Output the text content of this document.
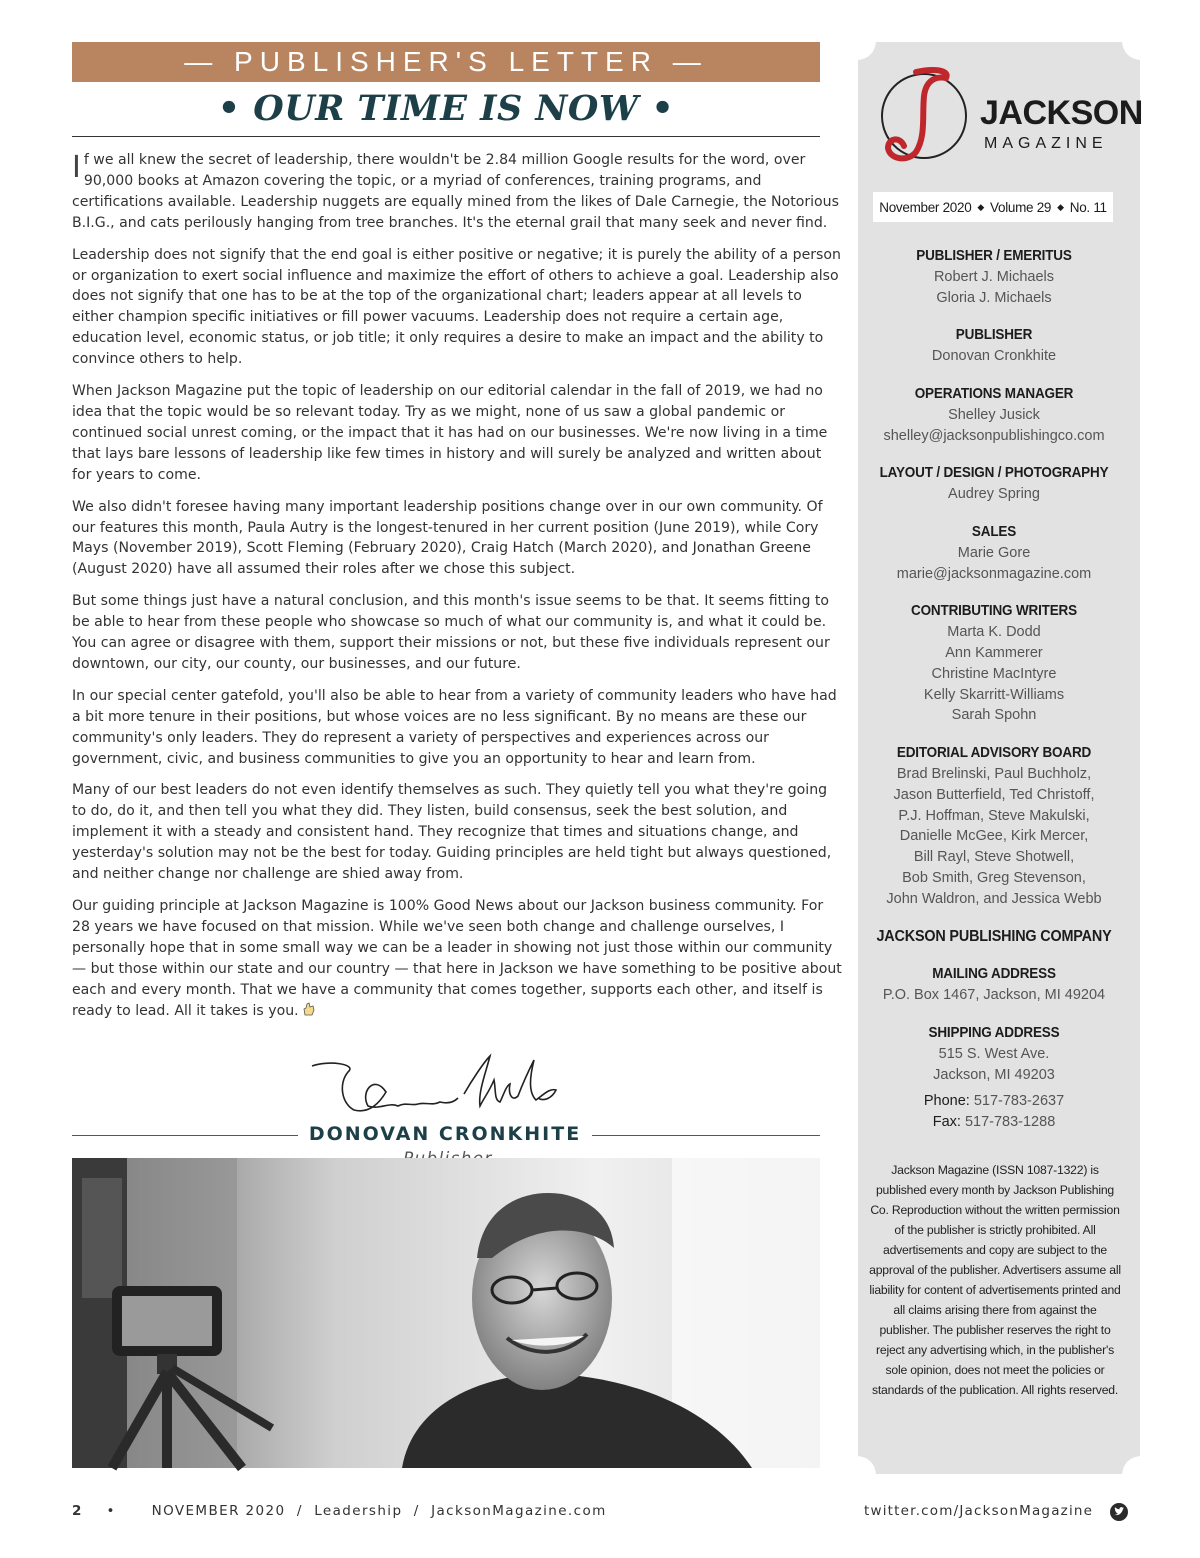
— PUBLISHER'S LETTER —
• OUR TIME IS NOW •

If we all knew the secret of leadership, there wouldn't be 2.84 million Google results for the word, over 90,000 books at Amazon covering the topic, or a myriad of conferences, training programs, and certifications available. Leadership nuggets are equally mined from the likes of Dale Carnegie, the Notorious B.I.G., and cats perilously hanging from tree branches. It's the eternal grail that many seek and never find.

Leadership does not signify that the end goal is either positive or negative; it is purely the ability of a person or organization to exert social influence and maximize the effort of others to achieve a goal. Leadership also does not signify that one has to be at the top of the organizational chart; leaders appear at all levels to either champion specific initiatives or fill power vacuums. Leadership does not require a certain age, education level, economic status, or job title; it only requires a desire to make an impact and the ability to convince others to help.

When Jackson Magazine put the topic of leadership on our editorial calendar in the fall of 2019, we had no idea that the topic would be so relevant today. Try as we might, none of us saw a global pandemic or continued social unrest coming, or the impact that it has had on our businesses. We're now living in a time that lays bare lessons of leadership like few times in history and will surely be analyzed and written about for years to come.

We also didn't foresee having many important leadership positions change over in our own community. Of our features this month, Paula Autry is the longest-tenured in her current position (June 2019), while Cory Mays (November 2019), Scott Fleming (February 2020), Craig Hatch (March 2020), and Jonathan Greene (August 2020) have all assumed their roles after we chose this subject.

But some things just have a natural conclusion, and this month's issue seems to be that. It seems fitting to be able to hear from these people who showcase so much of what our community is, and what it could be. You can agree or disagree with them, support their missions or not, but these five individuals represent our downtown, our city, our county, our businesses, and our future.

In our special center gatefold, you'll also be able to hear from a variety of community leaders who have had a bit more tenure in their positions, but whose voices are no less significant. By no means are these our community's only leaders. They do represent a variety of perspectives and experiences across our government, civic, and business communities to give you an opportunity to hear and learn from.

Many of our best leaders do not even identify themselves as such. They quietly tell you what they're going to do, do it, and then tell you what they did. They listen, build consensus, seek the best solution, and implement it with a steady and consistent hand. They recognize that times and situations change, and yesterday's solution may not be the best for today. Guiding principles are held tight but always questioned, and neither change nor challenge are shied away from.

Our guiding principle at Jackson Magazine is 100% Good News about our Jackson business community. For 28 years we have focused on that mission. While we've seen both change and challenge ourselves, I personally hope that in some small way we can be a leader in showing not just those within our community — but those within our state and our country — that here in Jackson we have something to be positive about each and every month. That we have a community that comes together, supports each other, and itself is ready to lead. All it takes is you.

DONOVAN CRONKHITE
JACKSON
MAGAZINE
November 2020 ◆ Volume 29 ◆ No. 11
PUBLISHER / EMERITUS
Robert J. Michaels
Gloria J. Michaels
PUBLISHER
Donovan Cronkhite
OPERATIONS MANAGER
Shelley Jusick
shelley@jacksonpublishingco.com
LAYOUT / DESIGN / PHOTOGRAPHY
Audrey Spring
SALES
Marie Gore
marie@jacksonmagazine.com
CONTRIBUTING WRITERS
Marta K. Dodd
Ann Kammerer
Christine MacIntyre
Kelly Skarritt-Williams
Sarah Spohn
EDITORIAL ADVISORY BOARD
Brad Brelinski, Paul Buchholz,
Jason Butterfield, Ted Christoff,
P.J. Hoffman, Steve Makulski,
Danielle McGee, Kirk Mercer,
Bill Rayl, Steve Shotwell,
Bob Smith, Greg Stevenson,
John Waldron, and Jessica Webb
JACKSON PUBLISHING COMPANY
MAILING ADDRESS
P.O. Box 1467, Jackson, MI 49204
SHIPPING ADDRESS
515 S. West Ave.
Jackson, MI 49203
Phone: 517-783-2637
Fax: 517-783-1288
Jackson Magazine (ISSN 1087-1322) is published every month by Jackson Publishing Co. Reproduction without the written permission of the publisher is strictly prohibited. All advertisements and copy are subject to the approval of the publisher. Advertisers assume all liability for content of advertisements printed and all claims arising there from against the publisher. The publisher reserves the right to reject any advertising which, in the publisher's sole opinion, does not meet the policies or standards of the publication. All rights reserved.
2 •	NOVEMBER 2020  /  Leadership  /  JacksonMagazine.com	twitter.com/JacksonMagazine
